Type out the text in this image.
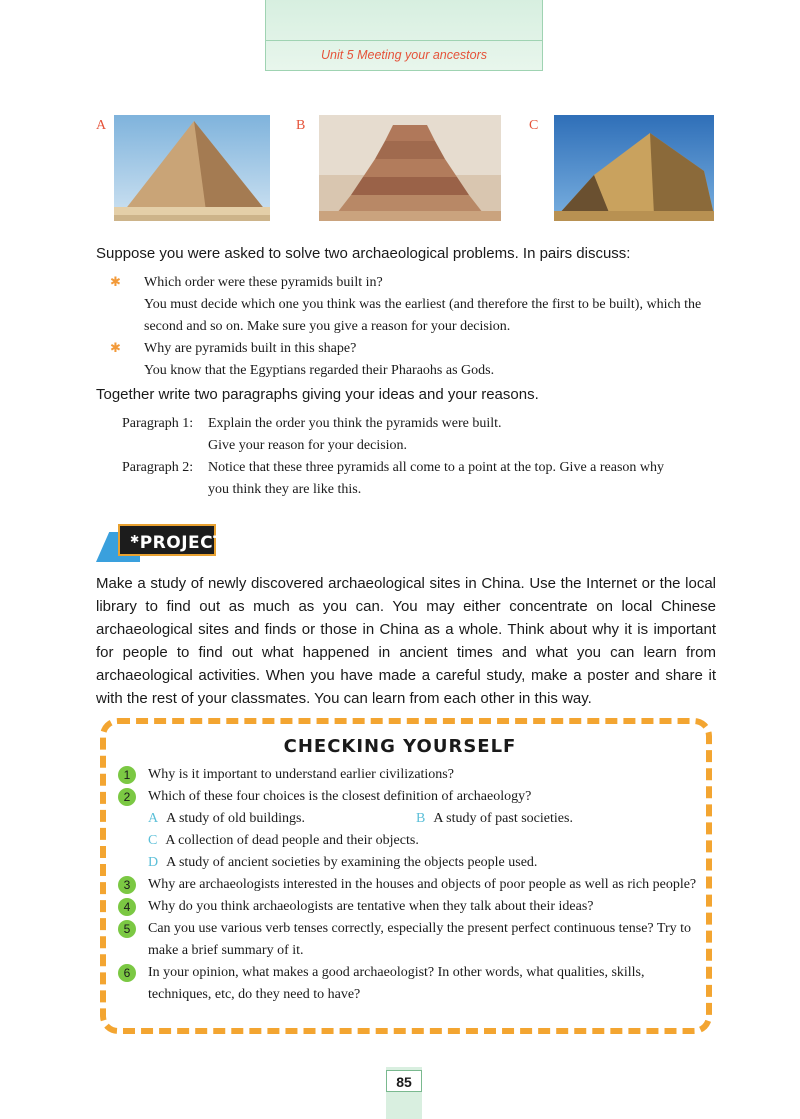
Unit 5 Meeting your ancestors
A	B	C
Suppose you were asked to solve two archaeological problems. In pairs discuss:
✱ Which order were these pyramids built in?
You must decide which one you think was the earliest (and therefore the first to be built), which the second and so on. Make sure you give a reason for your decision.
✱ Why are pyramids built in this shape?
You know that the Egyptians regarded their Pharaohs as Gods.
Together write two paragraphs giving your ideas and your reasons.
Paragraph 1:	Explain the order you think the pyramids were built.
Give your reason for your decision.
Paragraph 2:	Notice that these three pyramids all come to a point at the top. Give a reason why
you think they are like this.
✱PROJECT
Make a study of newly discovered archaeological sites in China. Use the Internet or the local library to find out as much as you can. You may either concentrate on local Chinese archaeological sites and finds or those in China as a whole. Think about why it is important for people to find out what happened in ancient times and what you can learn from archaeological activities. When you have made a careful study, make a poster and share it with the rest of your classmates. You can learn from each other in this way.
CHECKING YOURSELF
1	Why is it important to understand earlier civilizations?
2	Which of these four choices is the closest definition of archaeology?
A A study of old buildings.	B A study of past societies.
C A collection of dead people and their objects.
D A study of ancient societies by examining the objects people used.
3	Why are archaeologists interested in the houses and objects of poor people as well as rich people?
4	Why do you think archaeologists are tentative when they talk about their ideas?
5	Can you use various verb tenses correctly, especially the present perfect continuous tense? Try to make a brief summary of it.
6	In your opinion, what makes a good archaeologist? In other words, what qualities, skills, techniques, etc, do they need to have?
85
